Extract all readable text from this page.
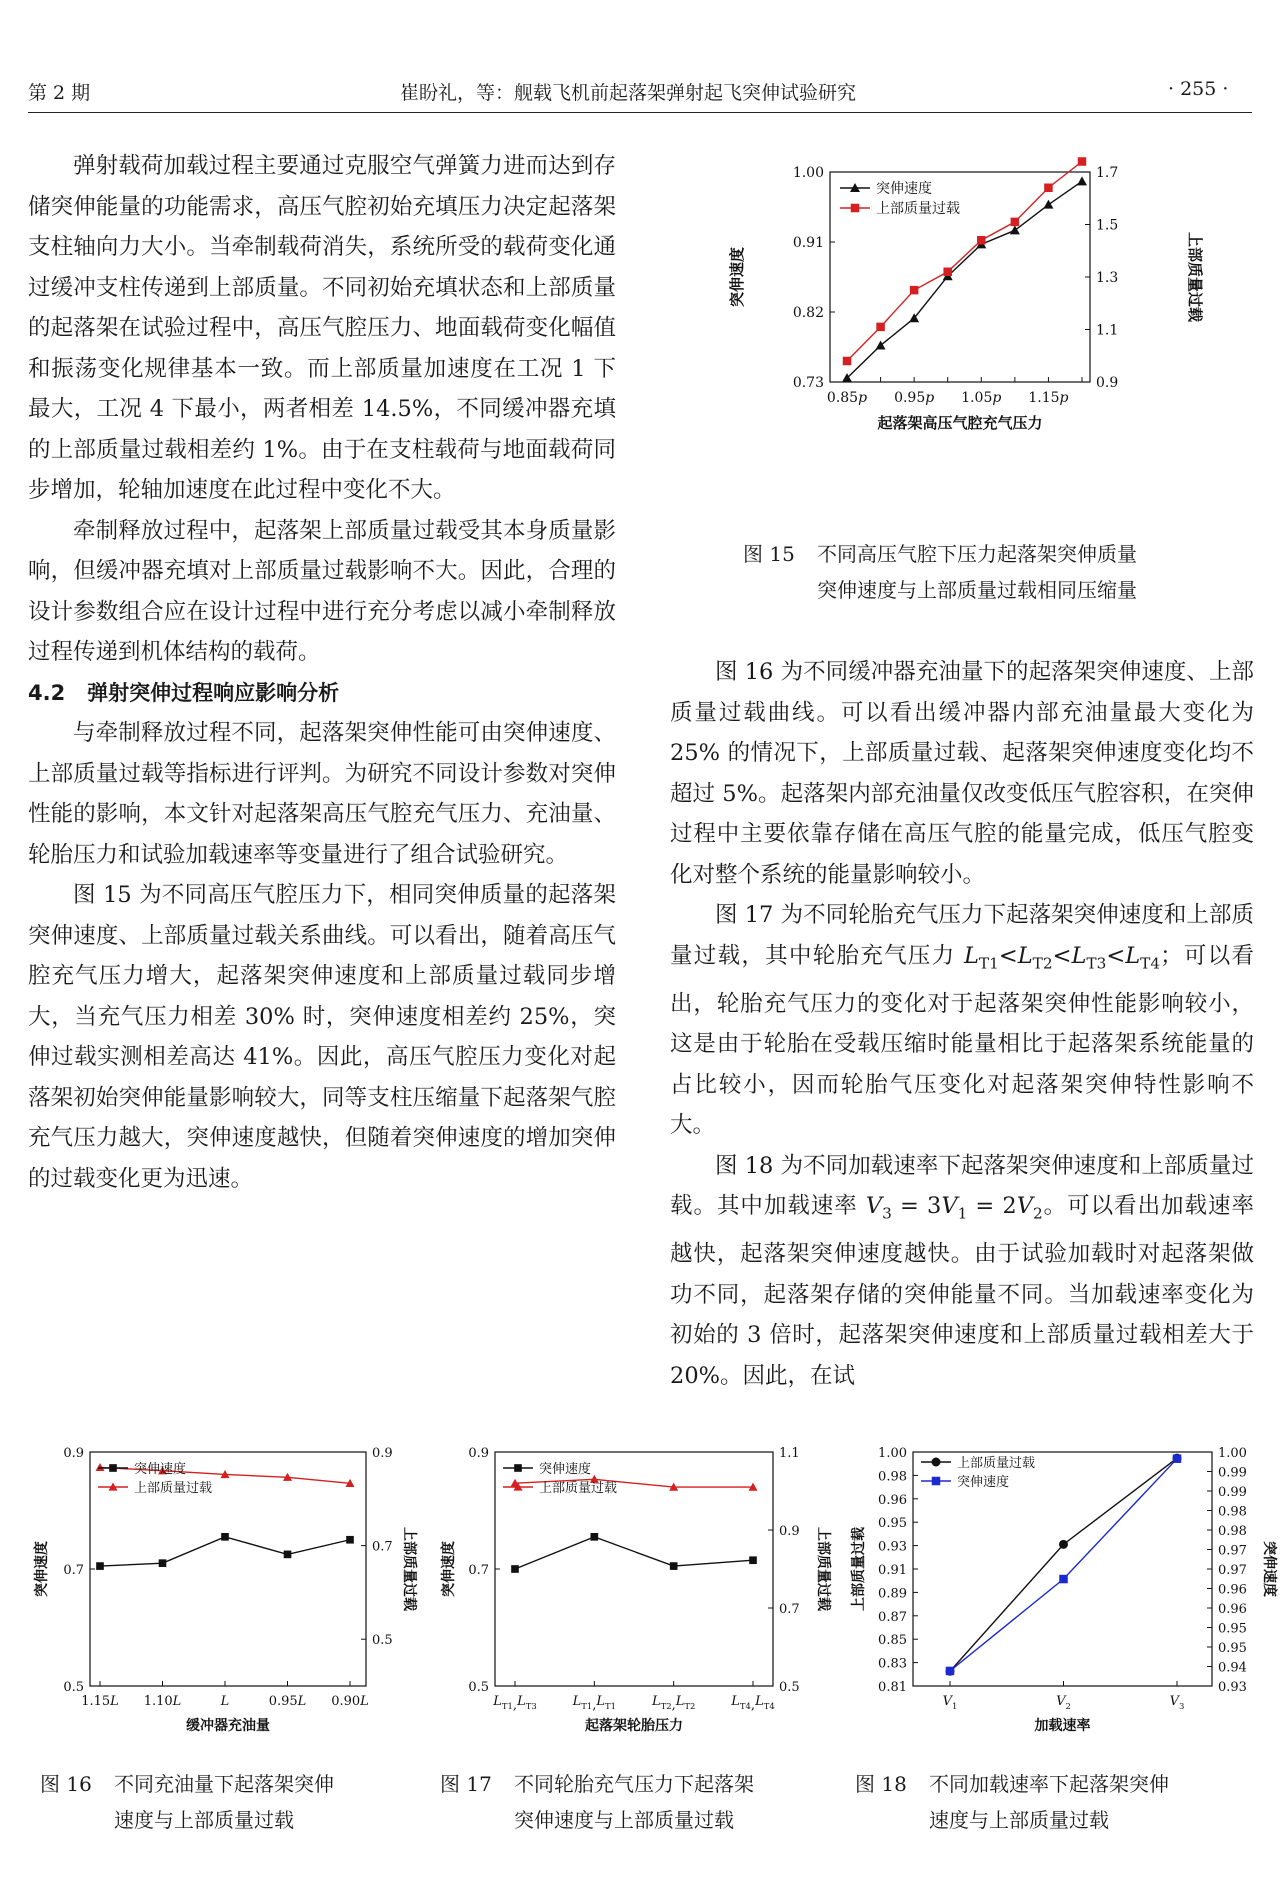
第 2 期	崔盼礼，等：舰载飞机前起落架弹射起飞突伸试验研究	· 255 ·

弹射载荷加载过程主要通过克服空气弹簧力进而达到存储突伸能量的功能需求，高压气腔初始充填压力决定起落架支柱轴向力大小。当牵制载荷消失，系统所受的载荷变化通过缓冲支柱传递到上部质量。不同初始充填状态和上部质量的起落架在试验过程中，高压气腔压力、地面载荷变化幅值和振荡变化规律基本一致。而上部质量加速度在工况 1 下最大，工况 4 下最小，两者相差 14.5%，不同缓冲器充填的上部质量过载相差约 1%。由于在支柱载荷与地面载荷同步增加，轮轴加速度在此过程中变化不大。

牵制释放过程中，起落架上部质量过载受其本身质量影响，但缓冲器充填对上部质量过载影响不大。因此，合理的设计参数组合应在设计过程中进行充分考虑以减小牵制释放过程传递到机体结构的载荷。

4.2 弹射突伸过程响应影响分析

与牵制释放过程不同，起落架突伸性能可由突伸速度、上部质量过载等指标进行评判。为研究不同设计参数对突伸性能的影响，本文针对起落架高压气腔充气压力、充油量、轮胎压力和试验加载速率等变量进行了组合试验研究。

图 15 为不同高压气腔压力下，相同突伸质量的起落架突伸速度、上部质量过载关系曲线。可以看出，随着高压气腔充气压力增大，起落架突伸速度和上部质量过载同步增大，当充气压力相差 30% 时，突伸速度相差约 25%，突伸过载实测相差高达 41%。因此，高压气腔压力变化对起落架初始突伸能量影响较大，同等支柱压缩量下起落架气腔充气压力越大，突伸速度越快，但随着突伸速度的增加突伸的过载变化更为迅速。

0.73
0.82
0.91
1.00
0.9
1.1
1.3
1.5
1.7
0.85p 0.95p 1.05p 1.15p
起落架高压气腔充气压力
突伸速度	上部质量过载
突伸速度
上部质量过载
图 15 不同高压气腔下压力起落架突伸质量
突伸速度与上部质量过载相同压缩量

图 16 为不同缓冲器充油量下的起落架突伸速度、上部质量过载曲线。可以看出缓冲器内部充油量最大变化为 25% 的情况下，上部质量过载、起落架突伸速度变化均不超过 5%。起落架内部充油量仅改变低压气腔容积，在突伸过程中主要依靠存储在高压气腔的能量完成，低压气腔变化对整个系统的能量影响较小。

图 17 为不同轮胎充气压力下起落架突伸速度和上部质量过载，其中轮胎充气压力 $L_{T1}<L_{T2}<L_{T3}<L_{T4}$；可以看出，轮胎充气压力的变化对于起落架突伸性能影响较小，这是由于轮胎在受载压缩时能量相比于起落架系统能量的占比较小，因而轮胎气压变化对起落架突伸特性影响不大。

图 18 为不同加载速率下起落架突伸速度和上部质量过载。其中加载速率 $V_3 = 3V_1 = 2V_2$。可以看出加载速率越快，起落架突伸速度越快。由于试验加载时对起落架做功不同，起落架存储的突伸能量不同。当加载速率变化为初始的 3 倍时，起落架突伸速度和上部质量过载相差大于 20%。因此，在试

0.5
0.7
0.9
0.5
0.7
0.9
1.15L 1.10L	L	0.95L 0.90L
缓冲器充油量
突伸速度	上部质量过载
突伸速度
上部质量过载
0.5
0.7
0.9
0.5
0.7
0.9
1.1
$L_{T1},L_{T3}$	$L_{T1},L_{T1}$	$L_{T2},L_{T2}$	$L_{T4},L_{T4}$
起落架轮胎压力
突伸速度	上部质量过载
突伸速度
上部质量过载
0.81
0.83
0.85
0.87
0.89
0.91
0.93
0.95
0.96
0.98
1.00
0.93
0.94
0.95
0.95
0.96
0.96
0.97
0.97
0.98
0.98
0.99
0.99
1.00
$V_1$	$V_2$	$V_3$
加载速率
上部质量过载	突伸速度
上部质量过载
突伸速度
图 16 不同充油量下起落架突伸
速度与上部质量过载
图 17 不同轮胎充气压力下起落架
突伸速度与上部质量过载
图 18 不同加载速率下起落架突伸
速度与上部质量过载
